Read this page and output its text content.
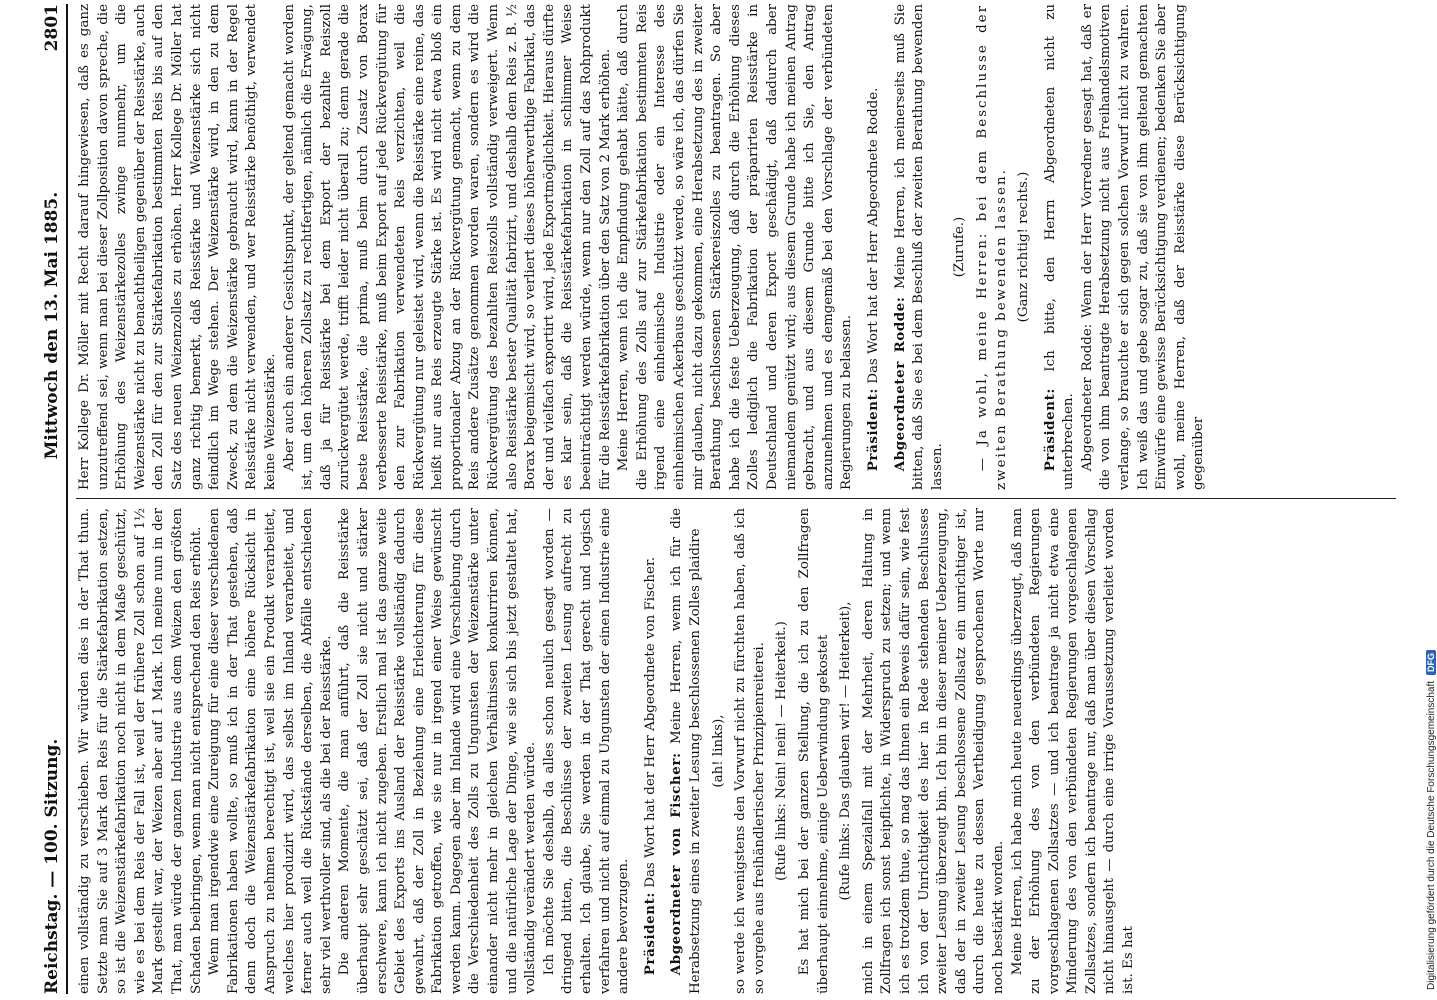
Reichstag. — 100. Sitzung.
Mittwoch den 13. Mai 1885.
2801

einen vollständig zu verschieben. Wir würden dies in der That thun. Setzte man Sie auf 3 Mark den Reis für die Stärkefabrikation setzen, so ist die Weizenstärkefabrikation noch nicht in dem Maße geschützt, wie es bei dem Reis der Fall ist, weil der frühere Zoll schon auf 1½ Mark gestellt war, der Weizen aber auf 1 Mark. Ich meine nun in der That, man würde der ganzen Industrie aus dem Weizen den größten Schaden beibringen, wenn man nicht entsprechend den Reis erhöht. Wenn man irgendwie eine Zureigung für eine dieser verschiedenen Fabrikationen haben wollte, so muß ich in der That gestehen, daß denn doch die Weizenstärkefabrikation eine höhere Rücksicht in Anspruch zu nehmen berechtigt ist, weil sie ein Produkt verarbeitet, welches hier produzirt wird, das selbst im Inland verarbeitet, und ferner auch weil die Rückstände derselben, die Abfälle entschieden sehr viel werthvoller sind, als die bei der Reisstärke. Die anderen Momente, die man anführt, daß die Reisstärke überhaupt sehr geschätzt sei, daß der Zoll sie nicht und stärker erschwere, kann ich nicht zugeben. Erstlich mal ist das ganze weite Gebiet des Exports ins Ausland der Reisstärke vollständig dadurch gewahrt, daß der Zoll in Beziehung eine Erleichterung für diese Fabrikation getroffen, wie sie nur in irgend einer Weise gewünscht werden kann. Dagegen aber im Inlande wird eine Verschiebung durch die Verschiedenheit des Zolls zu Ungunsten der Weizenstärke unter einander nicht mehr in gleichen Verhältnissen konkurriren können, und die natürliche Lage der Dinge, wie sie sich bis jetzt gestaltet hat, vollständig verändert werden würde. Ich möchte Sie deshalb, da alles schon neulich gesagt worden — dringend bitten, die Beschlüsse der zweiten Lesung aufrecht zu erhalten. Ich glaube, Sie werden in der That gerecht und logisch verfahren und nicht auf einmal zu Ungunsten der einen Industrie eine andere bevorzugen. Präsident: Das Wort hat der Herr Abgeordnete von Fischer. Abgeordneter von Fischer: Meine Herren, wenn ich für die Herabsetzung eines in zweiter Lesung beschlossenen Zolles plaidire (ah! links), so werde ich wenigstens den Vorwurf nicht zu fürchten haben, daß ich so vorgehe aus freihändlerischer Prinzipienreiterei. (Rufe links: Nein! nein! — Heiterkeit.) Es hat mich bei der ganzen Stellung, die ich zu den Zollfragen überhaupt einnehme, einige Ueberwindung gekostet (Rufe links: Das glauben wir! — Heiterkeit), mich in einem Spezialfall mit der Mehrheit, deren Haltung in Zollfragen ich sonst beipflichte, in Widerspruch zu setzen; und wenn ich es trotzdem thue, so mag das Ihnen ein Beweis dafür sein, wie fest ich von der Unrichtigkeit des hier in Rede stehenden Beschlusses zweiter Lesung überzeugt bin. Ich bin in dieser meiner Ueberzeugung, daß der in zweiter Lesung beschlossene Zollsatz ein unrichtiger ist, durch die heute zu dessen Vertheidigung gesprochenen Worte nur noch bestärkt worden. Meine Herren, ich habe mich heute neuerdings überzeugt, daß man zu der Erhöhung des von den verbündeten Regierungen vorgeschlagenen Zollsatzes — und ich beantrage ja nicht etwa eine Minderung des von den verbündeten Regierungen vorgeschlagenen Zollsatzes, sondern ich beantrage nur, daß man über diesen Vorschlag nicht hinausgeht — durch eine irrige Voraussetzung verleitet worden ist. Es hat

Herr Kollege Dr. Möller mit Recht darauf hingewiesen, daß es ganz unzutreffend sei, wenn man bei dieser Zollposition davon spreche, die Erhöhung des Weizenstärkezolles zwinge nunmehr, um die Weizenstärke nicht zu benachtheiligen gegenüber der Reisstärke, auch den Zoll für den zur Stärkefabrikation bestimmten Reis bis auf den Satz des neuen Weizenzolles zu erhöhen. Herr Kollege Dr. Möller hat ganz richtig bemerkt, daß Reisstärke und Weizenstärke sich nicht feindlich im Wege stehen. Der Weizenstärke wird, in den zu dem Zweck, zu dem die Weizenstärke gebraucht wird, kann in der Regel Reisstärke nicht verwenden, und wer Reisstärke benöthigt, verwendet keine Weizenstärke. Aber auch ein anderer Gesichtspunkt, der geltend gemacht worden ist, um den höheren Zollsatz zu rechtfertigen, nämlich die Erwägung, daß ja für Reisstärke bei dem Export der bezahlte Reiszoll zurückvergütet werde, trifft leider nicht überall zu; denn gerade die beste Reisstärke, die prima, muß beim durch Zusatz von Borax verbesserte Reisstärke, muß beim Export auf jede Rückvergütung für den zur Fabrikation verwendeten Reis verzichten, weil die Rückvergütung nur geleistet wird, wenn die Reisstärke eine reine, das heißt nur aus Reis erzeugte Stärke ist. Es wird nicht etwa bloß ein proportionaler Abzug an der Rückvergütung gemacht, wenn zu dem Reis andere Zusätze genommen worden waren, sondern es wird die Rückvergütung des bezahlten Reiszolls vollständig verweigert. Wenn also Reisstärke bester Qualität fabrizirt, und deshalb dem Reis z. B. ½ Borax beigemischt wird, so verliert dieses höherwerthige Fabrikat, das der und vielfach exportirt wird, jede Exportmöglichkeit. Hieraus dürfte es klar sein, daß die Reisstärkefabrikation in schlimmer Weise beeinträchtigt werden würde, wenn nur den Zoll auf das Rohprodukt für die Reisstärkefabrikation über den Satz von 2 Mark erhöhen. Meine Herren, wenn ich die Empfindung gehabt hätte, daß durch die Erhöhung des Zolls auf zur Stärkefabrikation bestimmten Reis irgend eine einheimische Industrie oder ein Interesse des einheimischen Ackerbaus geschützt werde, so wäre ich, das dürfen Sie mir glauben, nicht dazu gekommen, eine Herabsetzung des in zweiter Berathung beschlossenen Stärkereiszolles zu beantragen. So aber habe ich die feste Ueberzeugung, daß durch die Erhöhung dieses Zolles lediglich die Fabrikation der präparirten Reisstärke in Deutschland und deren Export geschädigt, daß dadurch aber niemandem genützt wird; aus diesem Grunde habe ich meinen Antrag gebracht, und aus diesem Grunde bitte ich Sie, den Antrag anzunehmen und es demgemäß bei den Vorschlage der verbündeten Regierungen zu belassen. Präsident: Das Wort hat der Herr Abgeordnete Rodde.

Abgeordneter Rodde: Meine Herren, ich meinerseits muß Sie bitten, daß Sie es bei dem Beschluß der zweiten Berathung bewenden lassen.

(Zurufe.) — Ja wohl, meine Herren: bei dem Beschlusse der zweiten Berathung bewenden lassen. (Ganz richtig! rechts.)

Präsident: Ich bitte, den Herrn Abgeordneten nicht zu unterbrechen. Abgeordneter Rodde: Wenn der Herr Vorredner gesagt hat, daß er die von ihm beantragte Herabsetzung nicht aus Freihandelsmotiven verlange, so brauchte er sich gegen solchen Vorwurf nicht zu wahren. Ich weiß das und gebe sogar zu, daß sie von ihm geltend gemachten Einwürfe eine gewisse Berücksichtigung verdienen; bedenken Sie aber wohl, meine Herren, daß der Reisstärke diese Berücksichtigung gegenüber

Digitalisierung gefördert durch die Deutsche ForschungsgemeinschaftDFG
